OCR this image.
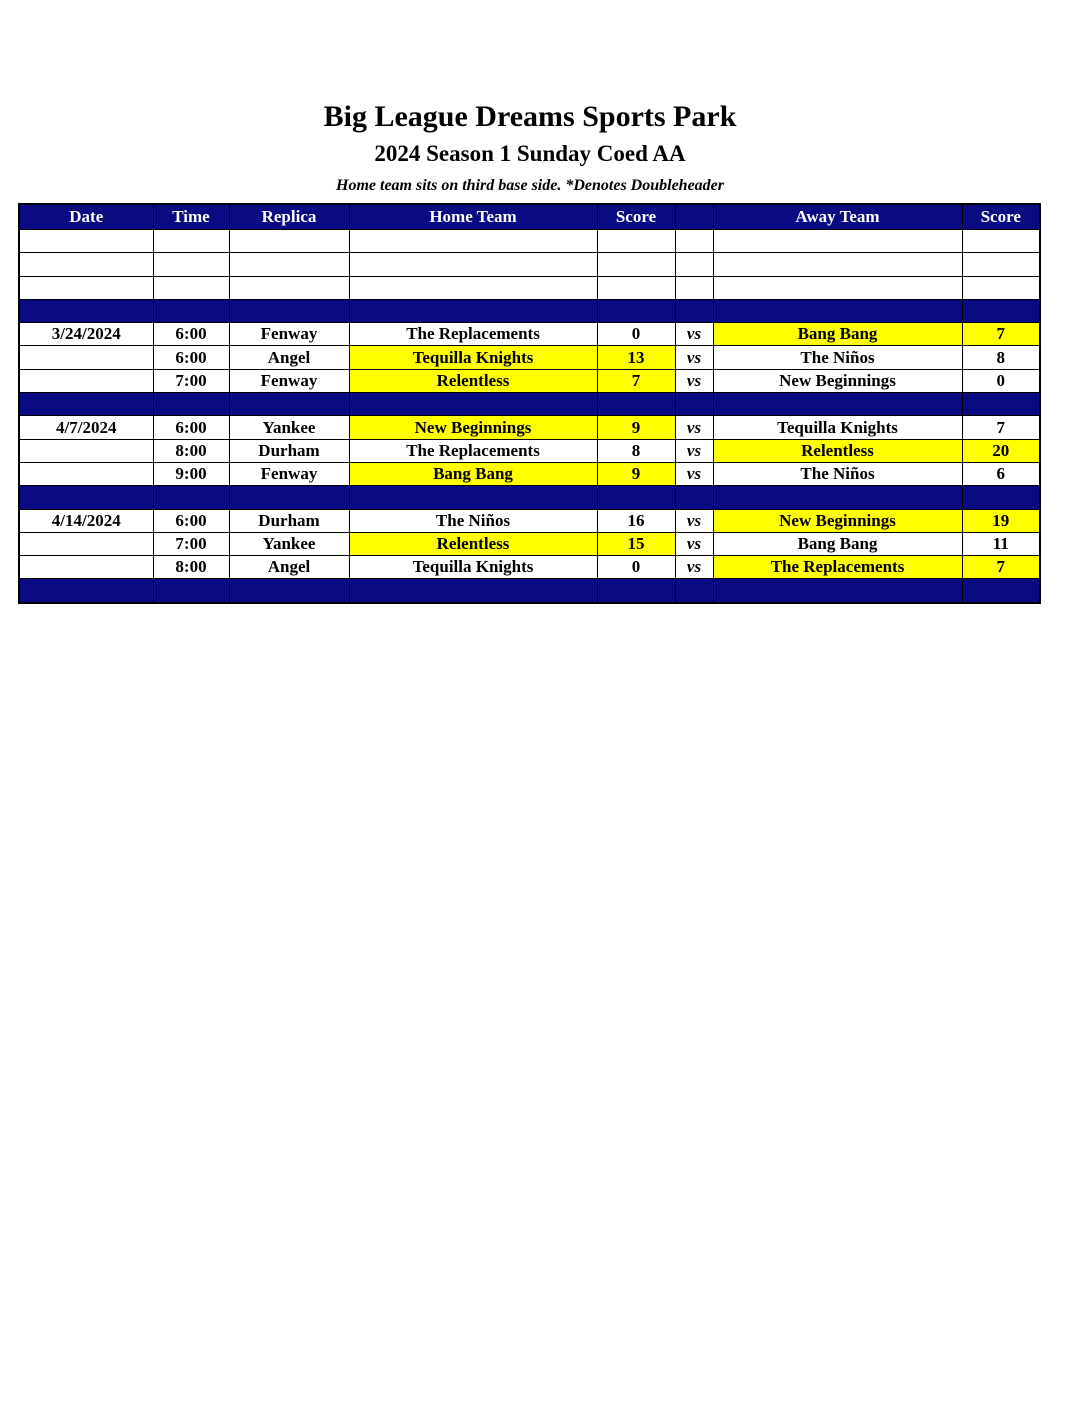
Big League Dreams Sports Park
2024 Season 1 Sunday Coed AA
Home team sits on third base side. *Denotes Doubleheader
Date	Time	Replica	Home Team	Score		Away Team	Score

3/24/2024	6:00	Fenway	The Replacements	0	vs	Bang Bang	7
	6:00	Angel	Tequilla Knights	13	vs	The Niños	8
	7:00	Fenway	Relentless	7	vs	New Beginnings	0

4/7/2024	6:00	Yankee	New Beginnings	9	vs	Tequilla Knights	7
	8:00	Durham	The Replacements	8	vs	Relentless	20
	9:00	Fenway	Bang Bang	9	vs	The Niños	6

4/14/2024	6:00	Durham	The Niños	16	vs	New Beginnings	19
	7:00	Yankee	Relentless	15	vs	Bang Bang	11
	8:00	Angel	Tequilla Knights	0	vs	The Replacements	7
